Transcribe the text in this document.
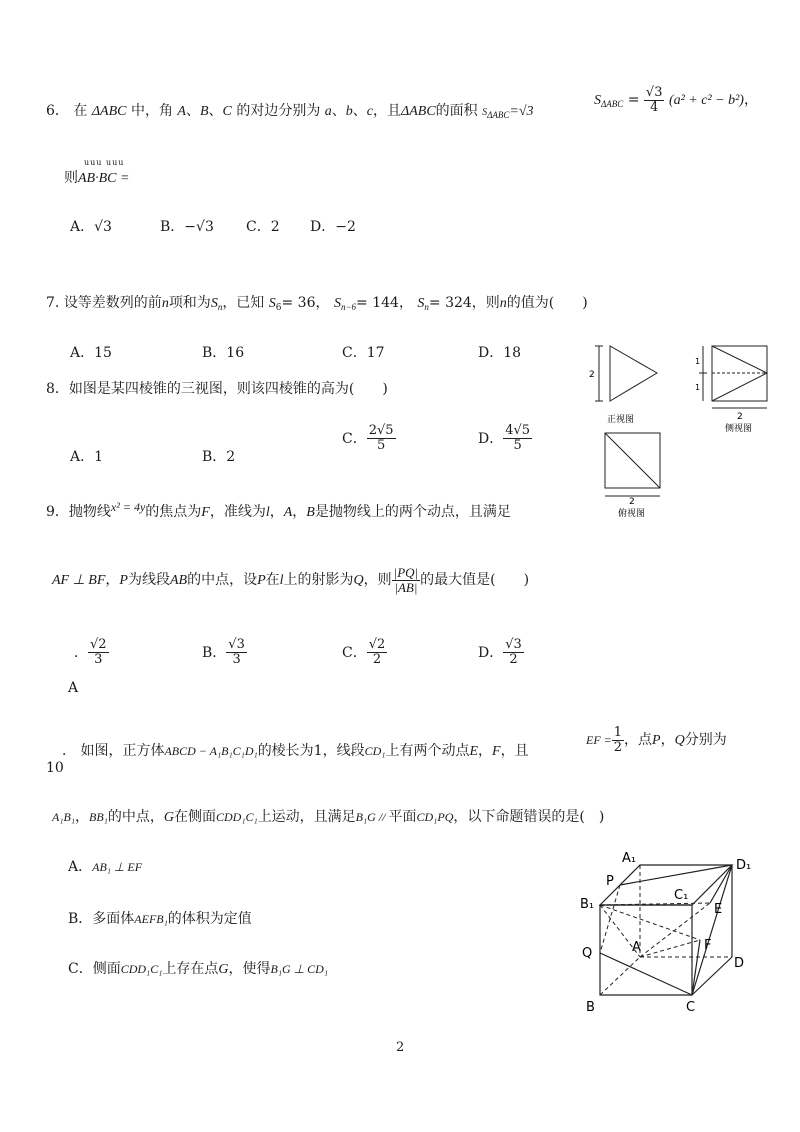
6． 在 ΔABC 中，角 A、B、C 的对边分别为 a、b、c，且ΔABC的面积 $S_{\Delta ABC}=√3$
$S_{\Delta ABC} = \frac{√3}{4} (a^2 + c^2 - b^2)$，
uuu uuu
则AB·BC =
A．√3	B．−√3 C．2 D．−2
7. 设等差数列的前n项和为$S_n$，已知 $S_6= 36$， $S_{n-6}= 144$， $S_n= 324$，则n的值为(　　)
A．15	B．16	C．17	D．18
8．如图是某四棱锥的三视图，则该四棱锥的高为(　　)
A．1	B．2
C． $\frac{2√5}{5}$	D． $\frac{4√5}{5}$
2
正视图
1
1
2
侧视图
2
俯视图
9．抛物线x² = 4y的焦点为F，准线为l，A，B是抛物线上的两个动点，且满足
AF ⊥ BF，P为线段AB的中点，设P在l上的射影为Q，则 $\frac{|PQ|}{|AB|}$ 的最大值是(　　)
． $\frac{√2}{3}$
A
B． $\frac{√3}{3}$	C． $\frac{√2}{2}$	D． $\frac{√3}{2}$
． 如图，正方体ABCD − A₁B₁C₁D₁的棱长为1，线段CD₁上有两个动点E，F，且
10
EF = $\frac{1}{2}$ ，点P，Q分别为
A₁B₁，BB₁的中点，G在侧面CDD₁C₁上运动，且满足B₁G // 平面CD₁PQ，以下命题错误的是(　)
A．AB₁ ⊥ EF
B．多面体AEFB₁的体积为定值
C．侧面CDD₁C₁上存在点G，使得B₁G ⊥ CD₁
A₁	D₁
P
C₁
B₁	E
Q	A	F
D
B	C
2
